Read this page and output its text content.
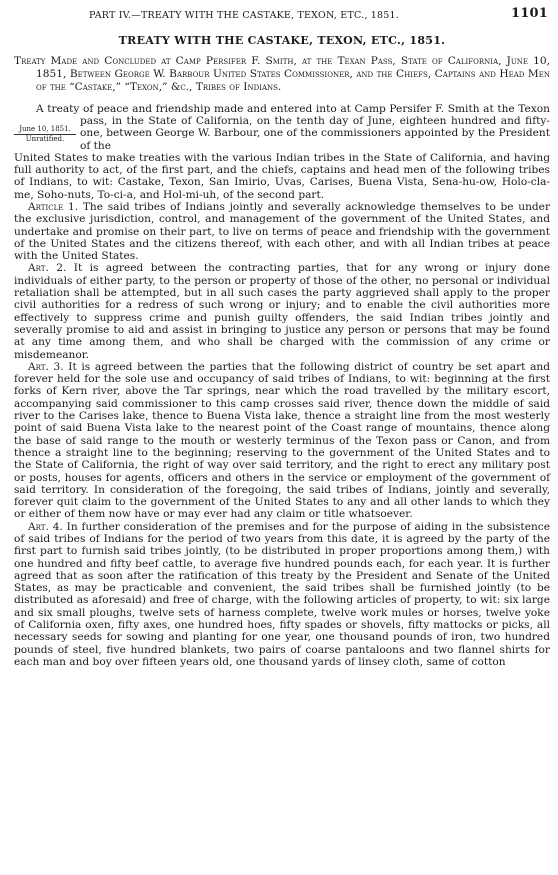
PART IV.—TREATY WITH THE CASTAKE, TEXON, ETC., 1851.	1101
TREATY WITH THE CASTAKE, TEXON, ETC., 1851.
Treaty Made and Concluded at Camp Persifer F. Smith, at the Texan Pass, State of California, June 10, 1851, Between George W. Barbour United States Commissioner, and the Chiefs, Captains and Head Men of the “Castake,” “Texon,” &c., Tribes of Indians.
June 10, 1851.
Unratified.

A treaty of peace and friendship made and entered into at Camp Persifer F. Smith at the Texon pass, in the State of California, on the tenth day of June, eighteen hundred and fifty-one, between George W. Barbour, one of the commissioners appointed by the President of the

United States to make treaties with the various Indian tribes in the State of California, and having full authority to act, of the first part, and the chiefs, captains and head men of the following tribes of Indians, to wit: Castake, Texon, San Imirio, Uvas, Carises, Buena Vista, Sena-hu-ow, Holo-cla-me, Soho-nuts, To-ci-a, and Hol-mi-uh, of the second part.

Article 1. The said tribes of Indians jointly and severally acknowledge themselves to be under the exclusive jurisdiction, control, and management of the government of the United States, and undertake and promise on their part, to live on terms of peace and friendship with the government of the United States and the citizens thereof, with each other, and with all Indian tribes at peace with the United States.

Art. 2. It is agreed between the contracting parties, that for any wrong or injury done individuals of either party, to the person or property of those of the other, no personal or individual retaliation shall be attempted, but in all such cases the party aggrieved shall apply to the proper civil authorities for a redress of such wrong or injury; and to enable the civil authorities more effectively to suppress crime and punish guilty offenders, the said Indian tribes jointly and severally promise to aid and assist in bringing to justice any person or persons that may be found at any time among them, and who shall be charged with the commission of any crime or misdemeanor.

Art. 3. It is agreed between the parties that the following district of country be set apart and forever held for the sole use and occupancy of said tribes of Indians, to wit: beginning at the first forks of Kern river, above the Tar springs, near which the road travelled by the military escort, accompanying said commissioner to this camp crosses said river, thence down the middle of said river to the Carises lake, thence to Buena Vista lake, thence a straight line from the most westerly point of said Buena Vista lake to the nearest point of the Coast range of mountains, thence along the base of said range to the mouth or westerly terminus of the Texon pass or Canon, and from thence a straight line to the beginning; reserving to the government of the United States and to the State of California, the right of way over said territory, and the right to erect any military post or posts, houses for agents, officers and others in the service or employment of the government of said territory. In consideration of the foregoing, the said tribes of Indians, jointly and severally, forever quit claim to the government of the United States to any and all other lands to which they or either of them now have or may ever had any claim or title whatsoever.

Art. 4. In further consideration of the premises and for the purpose of aiding in the subsistence of said tribes of Indians for the period of two years from this date, it is agreed by the party of the first part to furnish said tribes jointly, (to be distributed in proper proportions among them,) with one hundred and fifty beef cattle, to average five hundred pounds each, for each year. It is further agreed that as soon after the ratification of this treaty by the President and Senate of the United States, as may be practicable and convenient, the said tribes shall be furnished jointly (to be distributed as aforesaid) and free of charge, with the following articles of property, to wit: six large and six small ploughs, twelve sets of harness complete, twelve work mules or horses, twelve yoke of California oxen, fifty axes, one hundred hoes, fifty spades or shovels, fifty mattocks or picks, all necessary seeds for sowing and planting for one year, one thousand pounds of iron, two hundred pounds of steel, five hundred blankets, two pairs of coarse pantaloons and two flannel shirts for each man and boy over fifteen years old, one thousand yards of linsey cloth, same of cotton
